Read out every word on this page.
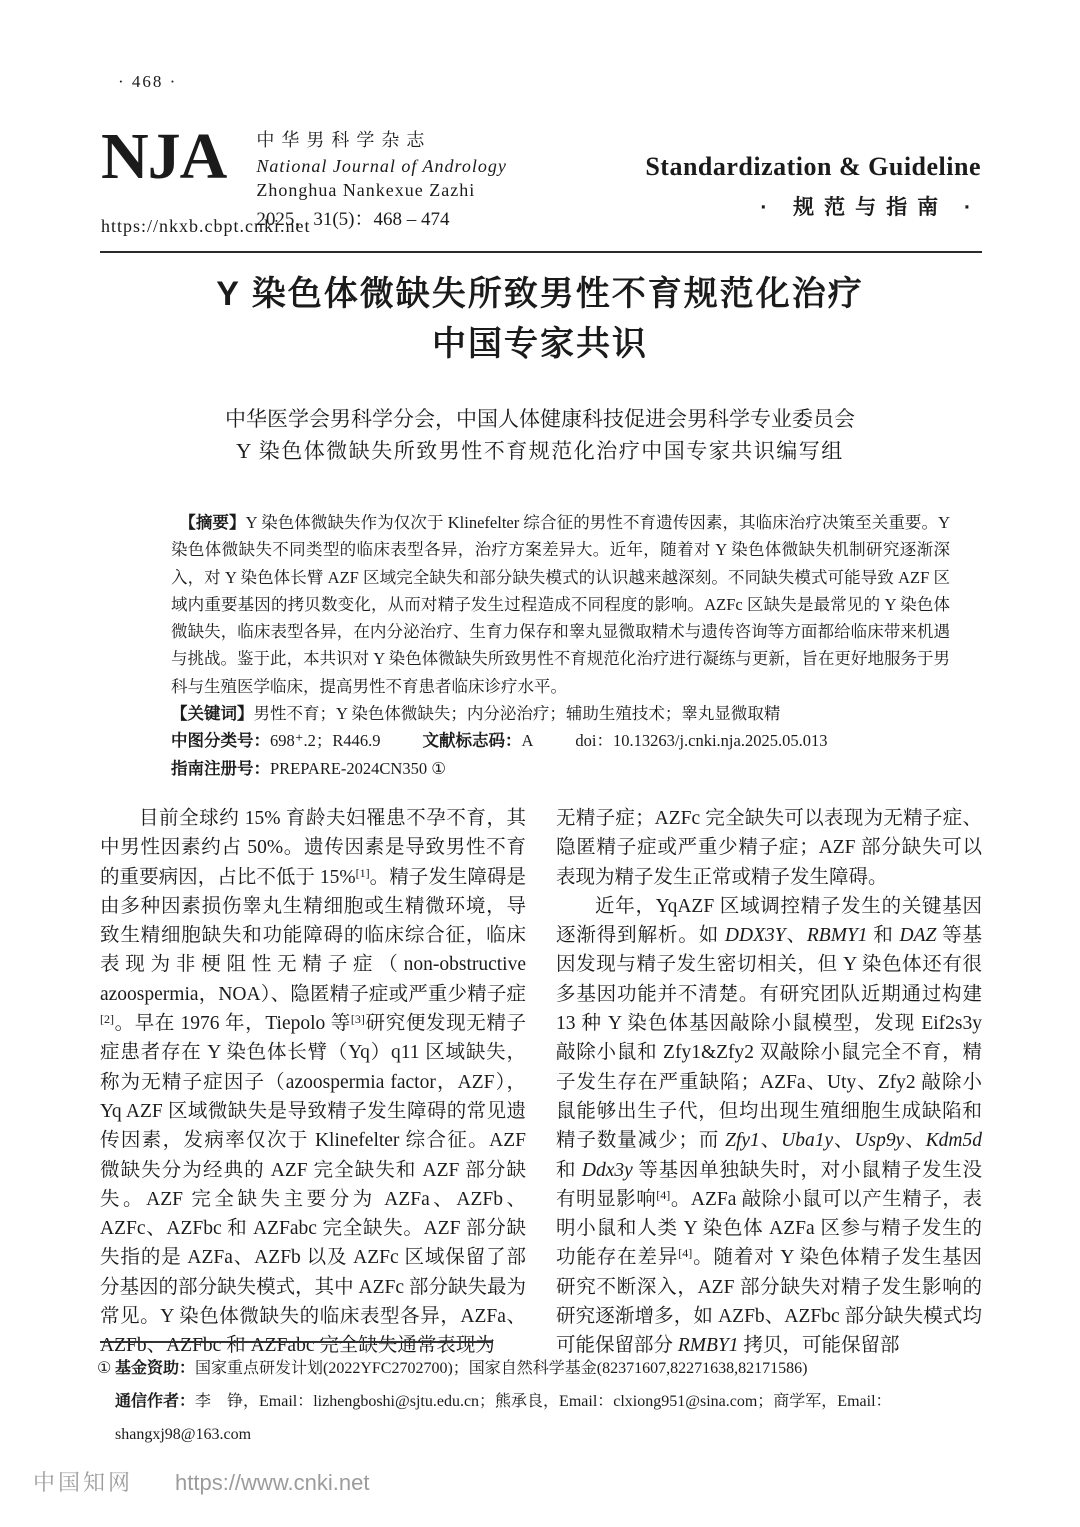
· 468 ·
NJA 中华男科学杂志
National Journal of Andrology
Zhonghua Nankexue Zazhi
2025，31(5)：468 – 474
https://nkxb.cbpt.cnki.net
Standardization & Guideline
· 规范与指南 ·
Y 染色体微缺失所致男性不育规范化治疗
中国专家共识
中华医学会男科学分会，中国人体健康科技促进会男科学专业委员会
Y 染色体微缺失所致男性不育规范化治疗中国专家共识编写组

【摘要】Y 染色体微缺失作为仅次于 Klinefelter 综合征的男性不育遗传因素，其临床治疗决策至关重要。Y 染色体微缺失不同类型的临床表型各异，治疗方案差异大。近年，随着对 Y 染色体微缺失机制研究逐渐深入，对 Y 染色体长臂 AZF 区域完全缺失和部分缺失模式的认识越来越深刻。不同缺失模式可能导致 AZF 区域内重要基因的拷贝数变化，从而对精子发生过程造成不同程度的影响。AZFc 区缺失是最常见的 Y 染色体微缺失，临床表型各异，在内分泌治疗、生育力保存和睾丸显微取精术与遗传咨询等方面都给临床带来机遇与挑战。鉴于此，本共识对 Y 染色体微缺失所致男性不育规范化治疗进行凝练与更新，旨在更好地服务于男科与生殖医学临床，提高男性不育患者临床诊疗水平。

【关键词】男性不育；Y 染色体微缺失；内分泌治疗；辅助生殖技术；睾丸显微取精

中图分类号：698⁺.2；R446.9	文献标志码：A	doi：10.13263/j.cnki.nja.2025.05.013

指南注册号：PREPARE-2024CN350 ①

目前全球约 15% 育龄夫妇罹患不孕不育，其中男性因素约占 50%。遗传因素是导致男性不育的重要病因，占比不低于 15%[1]。精子发生障碍是由多种因素损伤睾丸生精细胞或生精微环境，导致生精细胞缺失和功能障碍的临床综合征，临床表现为非梗阻性无精子症（non-obstructive azoospermia，NOA）、隐匿精子症或严重少精子症[2]。早在 1976 年，Tiepolo 等[3]研究便发现无精子症患者存在 Y 染色体长臂（Yq）q11 区域缺失，称为无精子症因子（azoospermia factor，AZF），Yq AZF 区域微缺失是导致精子发生障碍的常见遗传因素，发病率仅次于 Klinefelter 综合征。AZF 微缺失分为经典的 AZF 完全缺失和 AZF 部分缺失。AZF 完全缺失主要分为 AZFa、AZFb、AZFc、AZFbc 和 AZFabc 完全缺失。AZF 部分缺失指的是 AZFa、AZFb 以及 AZFc 区域保留了部分基因的部分缺失模式，其中 AZFc 部分缺失最为常见。Y 染色体微缺失的临床表型各异，AZFa、AZFb、AZFbc 和 AZFabc 完全缺失通常表现为

无精子症；AZFc 完全缺失可以表现为无精子症、隐匿精子症或严重少精子症；AZF 部分缺失可以表现为精子发生正常或精子发生障碍。

近年，YqAZF 区域调控精子发生的关键基因逐渐得到解析。如 DDX3Y、RBMY1 和 DAZ 等基因发现与精子发生密切相关，但 Y 染色体还有很多基因功能并不清楚。有研究团队近期通过构建 13 种 Y 染色体基因敲除小鼠模型，发现 Eif2s3y 敲除小鼠和 Zfy1&Zfy2 双敲除小鼠完全不育，精子发生存在严重缺陷；AZFa、Uty、Zfy2 敲除小鼠能够出生子代，但均出现生殖细胞生成缺陷和精子数量减少；而 Zfy1、Uba1y、Usp9y、Kdm5d 和 Ddx3y 等基因单独缺失时，对小鼠精子发生没有明显影响[4]。AZFa 敲除小鼠可以产生精子，表明小鼠和人类 Y 染色体 AZFa 区参与精子发生的功能存在差异[4]。随着对 Y 染色体精子发生基因研究不断深入，AZF 部分缺失对精子发生影响的研究逐渐增多，如 AZFb、AZFbc 部分缺失模式均可能保留部分 RMBY1 拷贝，可能保留部

① 基金资助：国家重点研发计划(2022YFC2702700)；国家自然科学基金(82371607,82271638,82171586)

通信作者：李　铮，Email：lizhengboshi@sjtu.edu.cn；熊承良，Email：clxiong951@sina.com；商学军，Email：shangxj98@163.com

中国知网 https://www.cnki.net
